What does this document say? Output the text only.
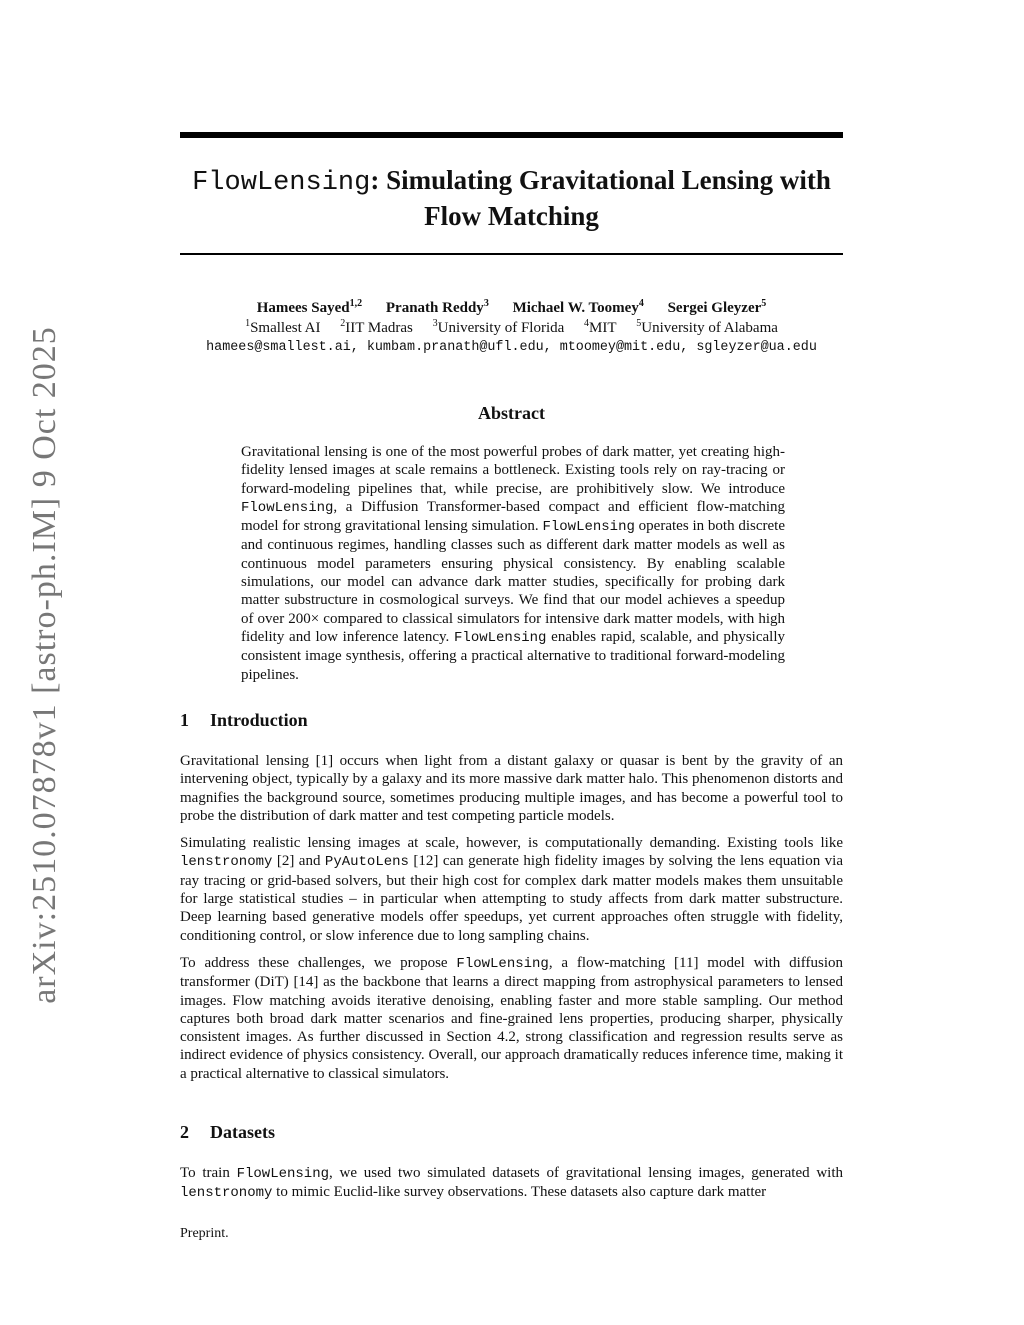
arXiv:2510.07878v1 [astro-ph.IM] 9 Oct 2025
FlowLensing: Simulating Gravitational Lensing with
Flow Matching
Hamees Sayed$^{1,2}$ Pranath Reddy$^3$ Michael W. Toomey$^4$ Sergei Gleyzer$^5$
$^1$Smallest AI $^2$IIT Madras $^3$University of Florida $^4$MIT $^5$University of Alabama
hamees@smallest.ai, kumbam.pranath@ufl.edu, mtoomey@mit.edu, sgleyzer@ua.edu
Abstract
Gravitational lensing is one of the most powerful probes of dark matter, yet creating high-fidelity lensed images at scale remains a bottleneck. Existing tools rely on ray-tracing or forward-modeling pipelines that, while precise, are prohibitively slow. We introduce FlowLensing, a Diffusion Transformer-based compact and efficient flow-matching model for strong gravitational lensing simulation. FlowLensing operates in both discrete and continuous regimes, handling classes such as different dark matter models as well as continuous model parameters ensuring physical consistency. By enabling scalable simulations, our model can advance dark matter studies, specifically for probing dark matter substructure in cosmological surveys. We find that our model achieves a speedup of over 200× compared to classical simulators for intensive dark matter models, with high fidelity and low inference latency. FlowLensing enables rapid, scalable, and physically consistent image synthesis, offering a practical alternative to traditional forward-modeling pipelines.
1 Introduction

Gravitational lensing [1] occurs when light from a distant galaxy or quasar is bent by the gravity of an intervening object, typically by a galaxy and its more massive dark matter halo. This phenomenon distorts and magnifies the background source, sometimes producing multiple images, and has become a powerful tool to probe the distribution of dark matter and test competing particle models.

Simulating realistic lensing images at scale, however, is computationally demanding. Existing tools like lenstronomy [2] and PyAutoLens [12] can generate high fidelity images by solving the lens equation via ray tracing or grid-based solvers, but their high cost for complex dark matter models makes them unsuitable for large statistical studies – in particular when attempting to study affects from dark matter substructure. Deep learning based generative models offer speedups, yet current approaches often struggle with fidelity, conditioning control, or slow inference due to long sampling chains.

To address these challenges, we propose FlowLensing, a flow-matching [11] model with diffusion transformer (DiT) [14] as the backbone that learns a direct mapping from astrophysical parameters to lensed images. Flow matching avoids iterative denoising, enabling faster and more stable sampling. Our method captures both broad dark matter scenarios and fine-grained lens properties, producing sharper, physically consistent images. As further discussed in Section 4.2, strong classification and regression results serve as indirect evidence of physics consistency. Overall, our approach dramatically reduces inference time, making it a practical alternative to classical simulators.

2 Datasets

To train FlowLensing, we used two simulated datasets of gravitational lensing images, generated with lenstronomy to mimic Euclid-like survey observations. These datasets also capture dark matter

Preprint.
